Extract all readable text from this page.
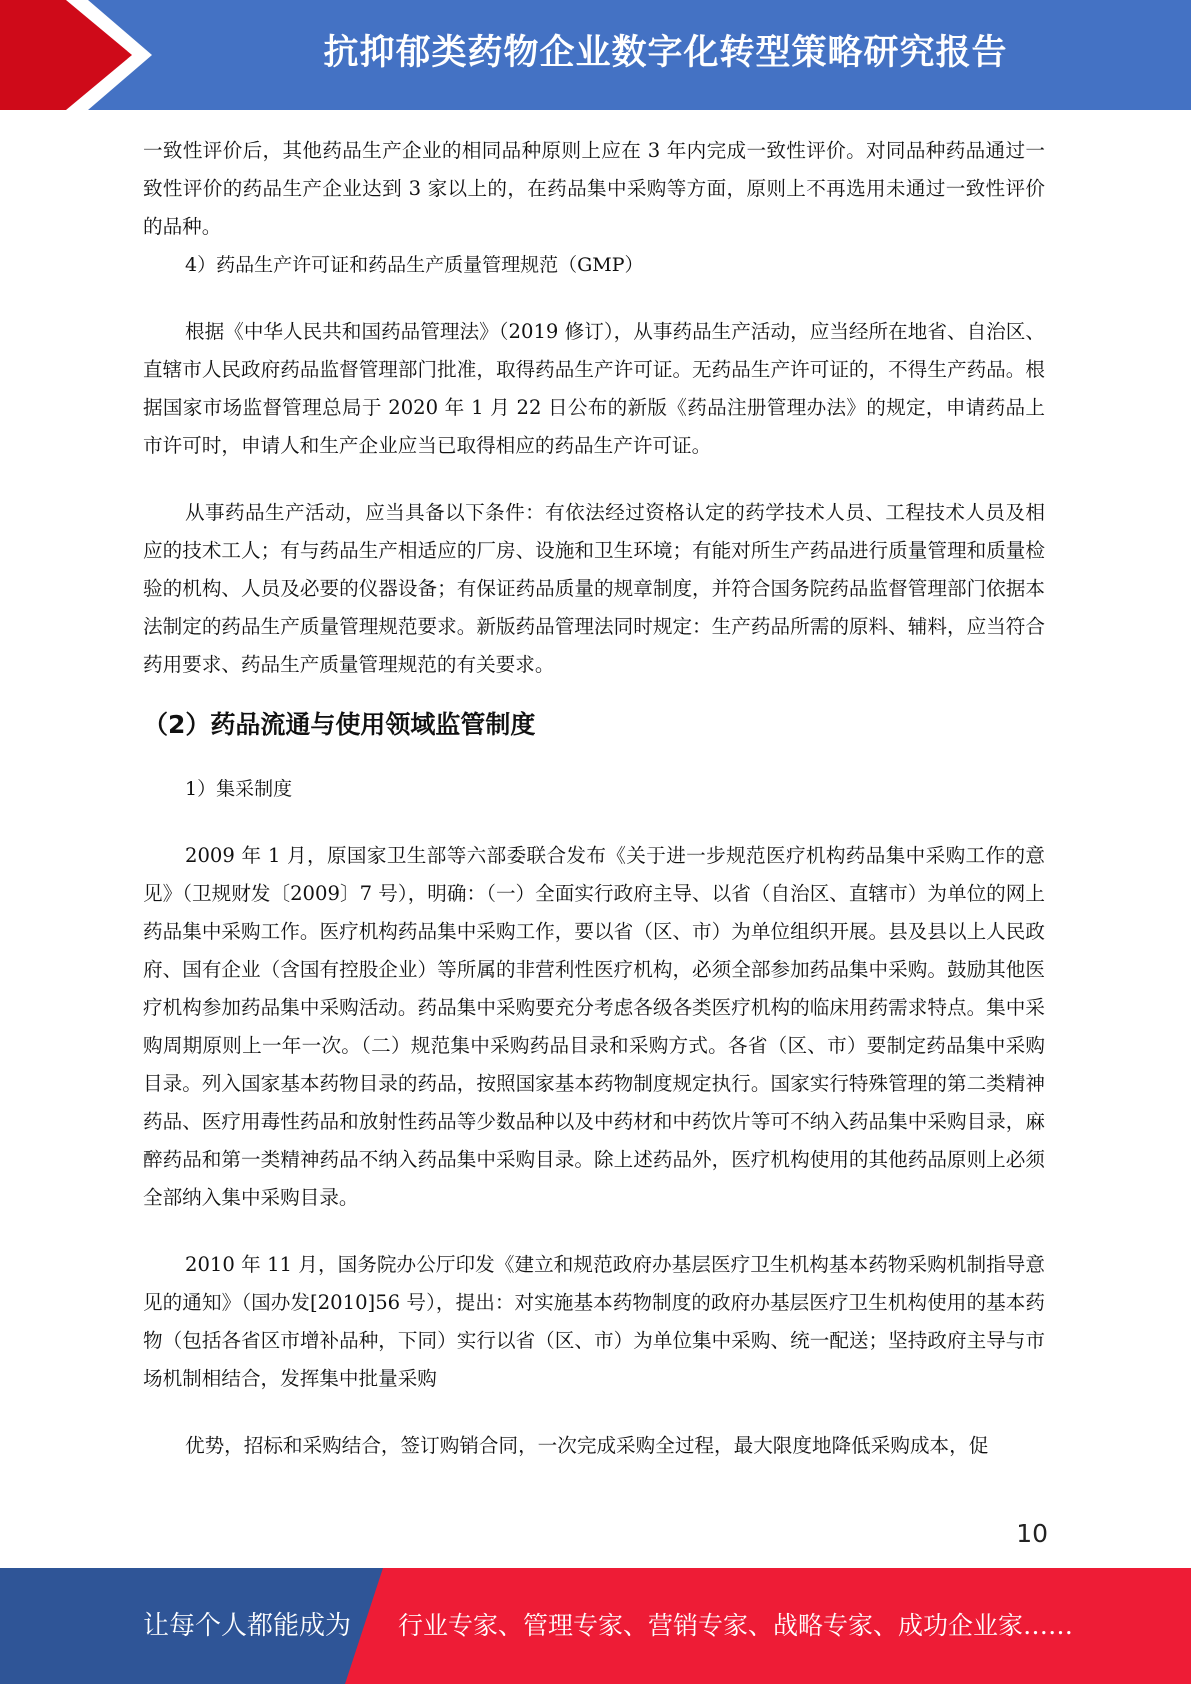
抗抑郁类药物企业数字化转型策略研究报告

一致性评价后，其他药品生产企业的相同品种原则上应在 3 年内完成一致性评价。对同品种药品通过一致性评价的药品生产企业达到 3 家以上的，在药品集中采购等方面，原则上不再选用未通过一致性评价的品种。

4）药品生产许可证和药品生产质量管理规范（GMP）

根据《中华人民共和国药品管理法》（2019 修订），从事药品生产活动，应当经所在地省、自治区、直辖市人民政府药品监督管理部门批准，取得药品生产许可证。无药品生产许可证的，不得生产药品。根据国家市场监督管理总局于 2020 年 1 月 22 日公布的新版《药品注册管理办法》的规定，申请药品上市许可时，申请人和生产企业应当已取得相应的药品生产许可证。

从事药品生产活动，应当具备以下条件：有依法经过资格认定的药学技术人员、工程技术人员及相应的技术工人；有与药品生产相适应的厂房、设施和卫生环境；有能对所生产药品进行质量管理和质量检验的机构、人员及必要的仪器设备；有保证药品质量的规章制度，并符合国务院药品监督管理部门依据本法制定的药品生产质量管理规范要求。新版药品管理法同时规定：生产药品所需的原料、辅料，应当符合药用要求、药品生产质量管理规范的有关要求。

（2）药品流通与使用领域监管制度

1）集采制度

2009 年 1 月，原国家卫生部等六部委联合发布《关于进一步规范医疗机构药品集中采购工作的意见》（卫规财发〔2009〕7 号），明确：（一）全面实行政府主导、以省（自治区、直辖市）为单位的网上药品集中采购工作。医疗机构药品集中采购工作，要以省（区、市）为单位组织开展。县及县以上人民政府、国有企业（含国有控股企业）等所属的非营利性医疗机构，必须全部参加药品集中采购。鼓励其他医疗机构参加药品集中采购活动。药品集中采购要充分考虑各级各类医疗机构的临床用药需求特点。集中采购周期原则上一年一次。（二）规范集中采购药品目录和采购方式。各省（区、市）要制定药品集中采购目录。列入国家基本药物目录的药品，按照国家基本药物制度规定执行。国家实行特殊管理的第二类精神药品、医疗用毒性药品和放射性药品等少数品种以及中药材和中药饮片等可不纳入药品集中采购目录，麻醉药品和第一类精神药品不纳入药品集中采购目录。除上述药品外，医疗机构使用的其他药品原则上必须全部纳入集中采购目录。

2010 年 11 月，国务院办公厅印发《建立和规范政府办基层医疗卫生机构基本药物采购机制指导意见的通知》（国办发[2010]56 号），提出：对实施基本药物制度的政府办基层医疗卫生机构使用的基本药物（包括各省区市增补品种，下同）实行以省（区、市）为单位集中采购、统一配送；坚持政府主导与市场机制相结合，发挥集中批量采购

优势，招标和采购结合，签订购销合同，一次完成采购全过程，最大限度地降低采购成本，促

10
让每个人都能成为 行业专家、管理专家、营销专家、战略专家、成功企业家……
